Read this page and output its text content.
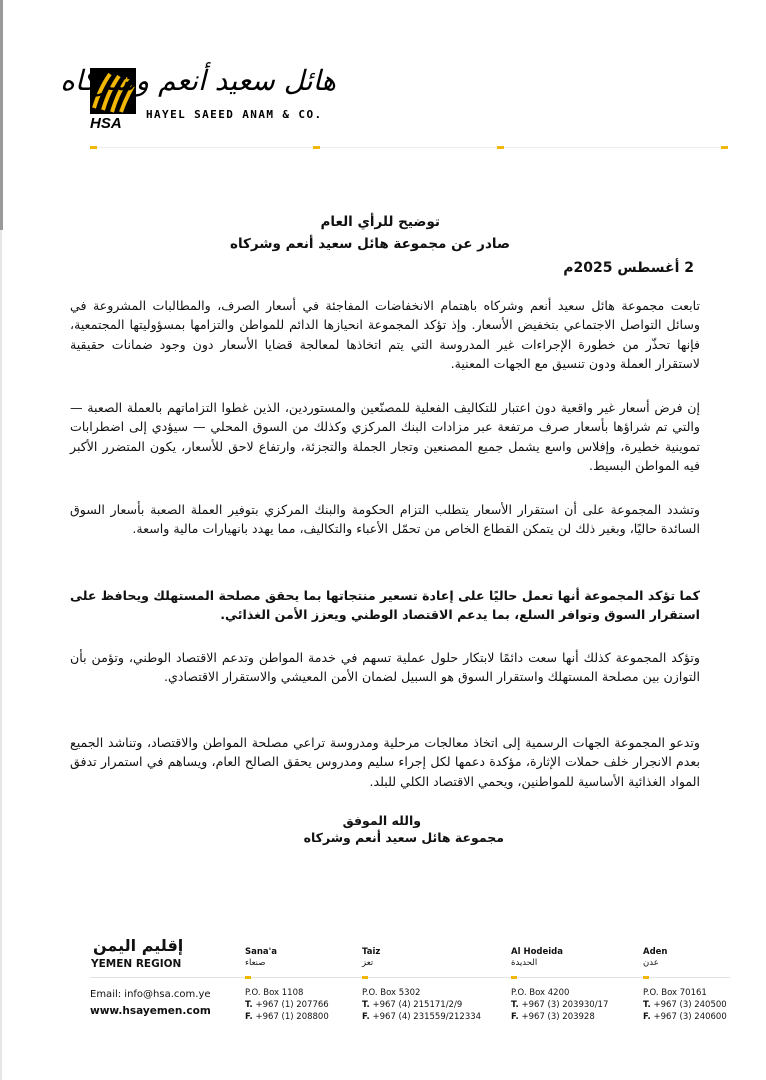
HSA
هائل سعيد أنعم وشركاه
HAYEL SAEED ANAM & CO.
توضيح للرأي العام
صادر عن مجموعة هائل سعيد أنعم وشركاه
2 أغسطس 2025م
تابعت مجموعة هائل سعيد أنعم وشركاه باهتمام الانخفاضات المفاجئة في أسعار الصرف، والمطالبات المشروعة في وسائل التواصل الاجتماعي بتخفيض الأسعار. وإذ تؤكد المجموعة انحيازها الدائم للمواطن والتزامها بمسؤوليتها المجتمعية، فإنها تحذّر من خطورة الإجراءات غير المدروسة التي يتم اتخاذها لمعالجة قضايا الأسعار دون وجود ضمانات حقيقية لاستقرار العملة ودون تنسيق مع الجهات المعنية.
إن فرض أسعار غير واقعية دون اعتبار للتكاليف الفعلية للمصنّعين والمستوردين، الذين غطوا التزاماتهم بالعملة الصعبة — والتي تم شراؤها بأسعار صرف مرتفعة عبر مزادات البنك المركزي وكذلك من السوق المحلي — سيؤدي إلى اضطرابات تموينية خطيرة، وإفلاس واسع يشمل جميع المصنعين وتجار الجملة والتجزئة، وارتفاع لاحق للأسعار، يكون المتضرر الأكبر فيه المواطن البسيط.
وتشدد المجموعة على أن استقرار الأسعار يتطلب التزام الحكومة والبنك المركزي بتوفير العملة الصعبة بأسعار السوق السائدة حاليًا، وبغير ذلك لن يتمكن القطاع الخاص من تحمّل الأعباء والتكاليف، مما يهدد بانهيارات مالية واسعة.
كما تؤكد المجموعة أنها تعمل حاليًا على إعادة تسعير منتجاتها بما يحقق مصلحة المستهلك ويحافظ على استقرار السوق وتوافر السلع، بما يدعم الاقتصاد الوطني ويعزز الأمن الغذائي.
وتؤكد المجموعة كذلك أنها سعت دائمًا لابتكار حلول عملية تسهم في خدمة المواطن وتدعم الاقتصاد الوطني، وتؤمن بأن التوازن بين مصلحة المستهلك واستقرار السوق هو السبيل لضمان الأمن المعيشي والاستقرار الاقتصادي.
وتدعو المجموعة الجهات الرسمية إلى اتخاذ معالجات مرحلية ومدروسة تراعي مصلحة المواطن والاقتصاد، وتناشد الجميع بعدم الانجرار خلف حملات الإثارة، مؤكدة دعمها لكل إجراء سليم ومدروس يحقق الصالح العام، ويساهم في استمرار تدفق المواد الغذائية الأساسية للمواطنين، ويحمي الاقتصاد الكلي للبلد.
والله الموفق
مجموعة هائل سعيد أنعم وشركاه
إقليم اليمن
YEMEN REGION
Sana'a
صنعاء
Taiz
تعز
Al Hodeida
الحديدة
Aden
عدن
Email: info@hsa.com.ye
www.hsayemen.com
P.O. Box 1108
T. +967 (1) 207766
F. +967 (1) 208800
P.O. Box 5302
T. +967 (4) 215171/2/9
F. +967 (4) 231559/212334
P.O. Box 4200
T. +967 (3) 203930/17
F. +967 (3) 203928
P.O. Box 70161
T. +967 (3) 240500
F. +967 (3) 240600
